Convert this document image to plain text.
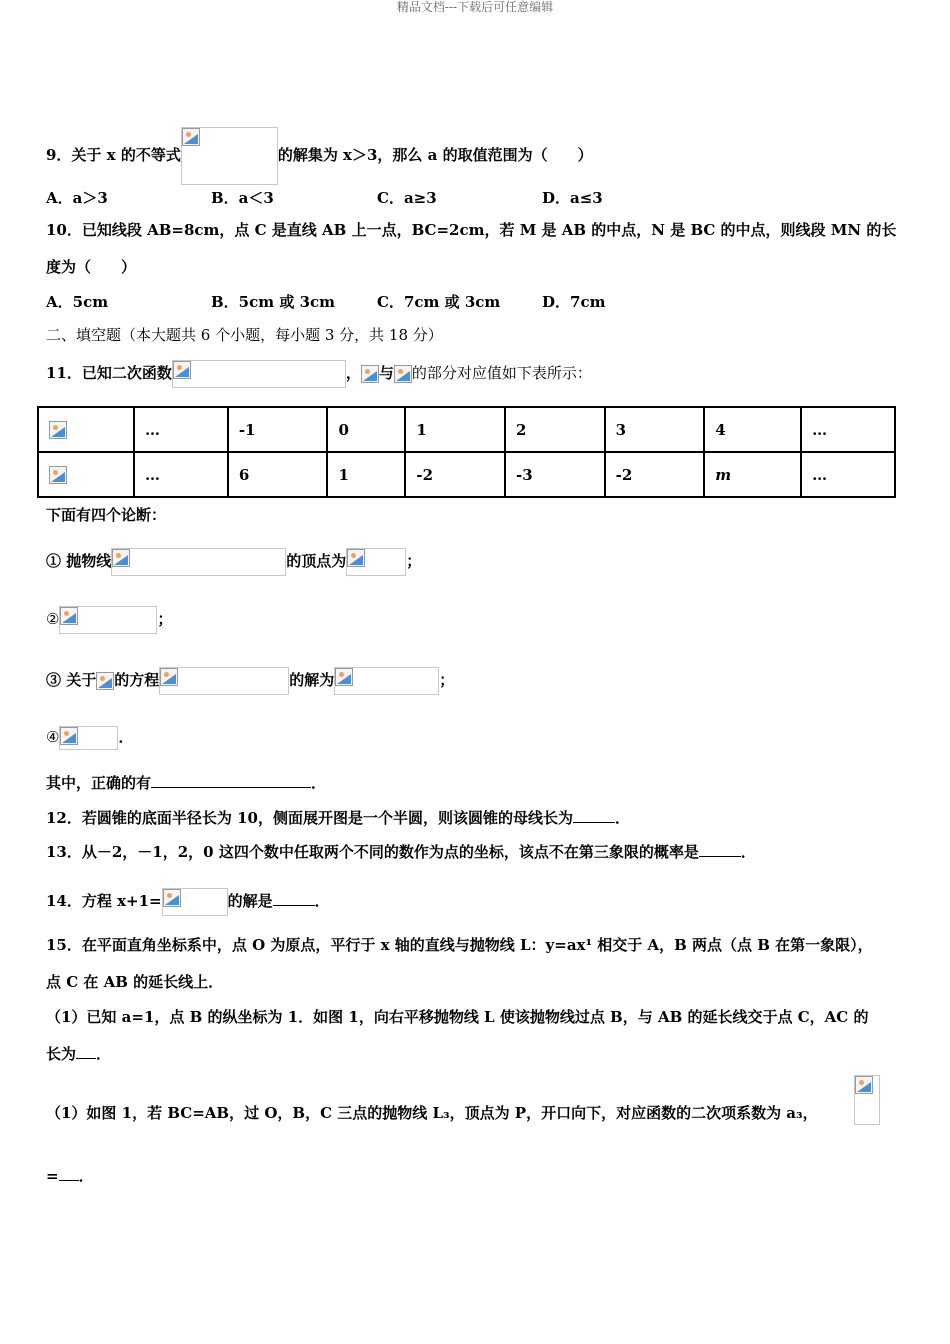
精品文档---下载后可任意编辑
9．关于 x 的不等式	的解集为 x＞3，那么 a 的取值范围为（　　）
A．a＞3	B．a＜3	C．a≥3	D．a≤3
10．已知线段 AB=8cm，点 C 是直线 AB 上一点，BC=2cm，若 M 是 AB 的中点，N 是 BC 的中点，则线段 MN 的长
度为（　　）
A．5cm	B．5cm 或 3cm	C．7cm 或 3cm	D．7cm
二、填空题（本大题共 6 个小题，每小题 3 分，共 18 分）
11．已知二次函数	， 与 的部分对应值如下表所示：
	…	-1	0	1	2	3	4	…

	…	6	1	-2	-3	-2	m	…
下面有四个论断：
① 抛物线	的顶点为	；
②	；
③ 关于 的方程	的解为	；
④	．
其中，正确的有	．
12．若圆锥的底面半径长为 10，侧面展开图是一个半圆，则该圆锥的母线长为	．
13．从－2，－1，2，0 这四个数中任取两个不同的数作为点的坐标，该点不在第三象限的概率是	．
14．方程 x+1=	的解是	．
15．在平面直角坐标系中，点 O 为原点，平行于 x 轴的直线与抛物线 L：y=ax¹ 相交于 A，B 两点（点 B 在第一象限），
点 C 在 AB 的延长线上．
（1）已知 a=1，点 B 的纵坐标为 1．如图 1，向右平移抛物线 L 使该抛物线过点 B，与 AB 的延长线交于点 C，AC 的
长为 ．
（1）如图 1，若 BC=AB，过 O，B，C 三点的抛物线 L₃，顶点为 P，开口向下，对应函数的二次项系数为 a₃，
= ．
